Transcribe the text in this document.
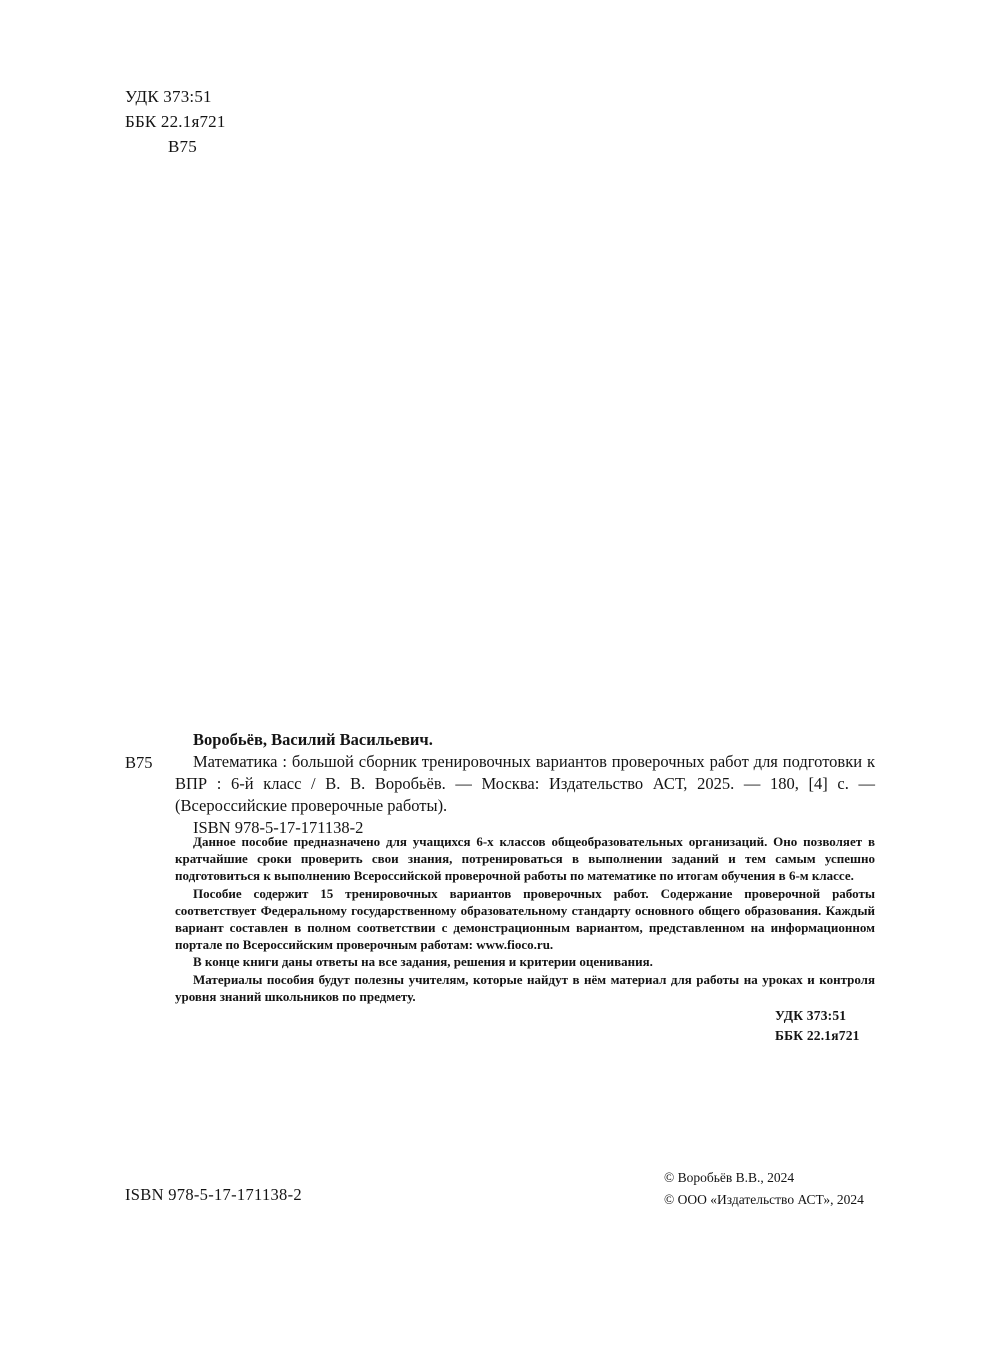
УДК 373:51
ББК 22.1я721
В75
В75

Воробьёв, Василий Васильевич.

Математика : большой сборник тренировочных вариантов проверочных работ для подготовки к ВПР : 6-й класс / В. В. Воробьёв. — Москва: Издательство АСТ, 2025. — 180, [4] с. — (Всероссийские проверочные работы).

ISBN 978-5-17-171138-2

Данное пособие предназначено для учащихся 6-х классов общеобразовательных организаций. Оно позволяет в кратчайшие сроки проверить свои знания, потренироваться в выполнении заданий и тем самым успешно подготовиться к выполнению Всероссийской проверочной работы по математике по итогам обучения в 6-м классе.

Пособие содержит 15 тренировочных вариантов проверочных работ. Содержание проверочной работы соответствует Федеральному государственному образовательному стандарту основного общего образования. Каждый вариант составлен в полном соответствии с демонстрационным вариантом, представленном на информационном портале по Всероссийским проверочным работам: www.fioco.ru.

В конце книги даны ответы на все задания, решения и критерии оценивания.

Материалы пособия будут полезны учителям, которые найдут в нём материал для работы на уроках и контроля уровня знаний школьников по предмету.

УДК 373:51
ББК 22.1я721
ISBN 978-5-17-171138-2
© Воробьёв В.В., 2024
© ООО «Издательство АСТ», 2024
